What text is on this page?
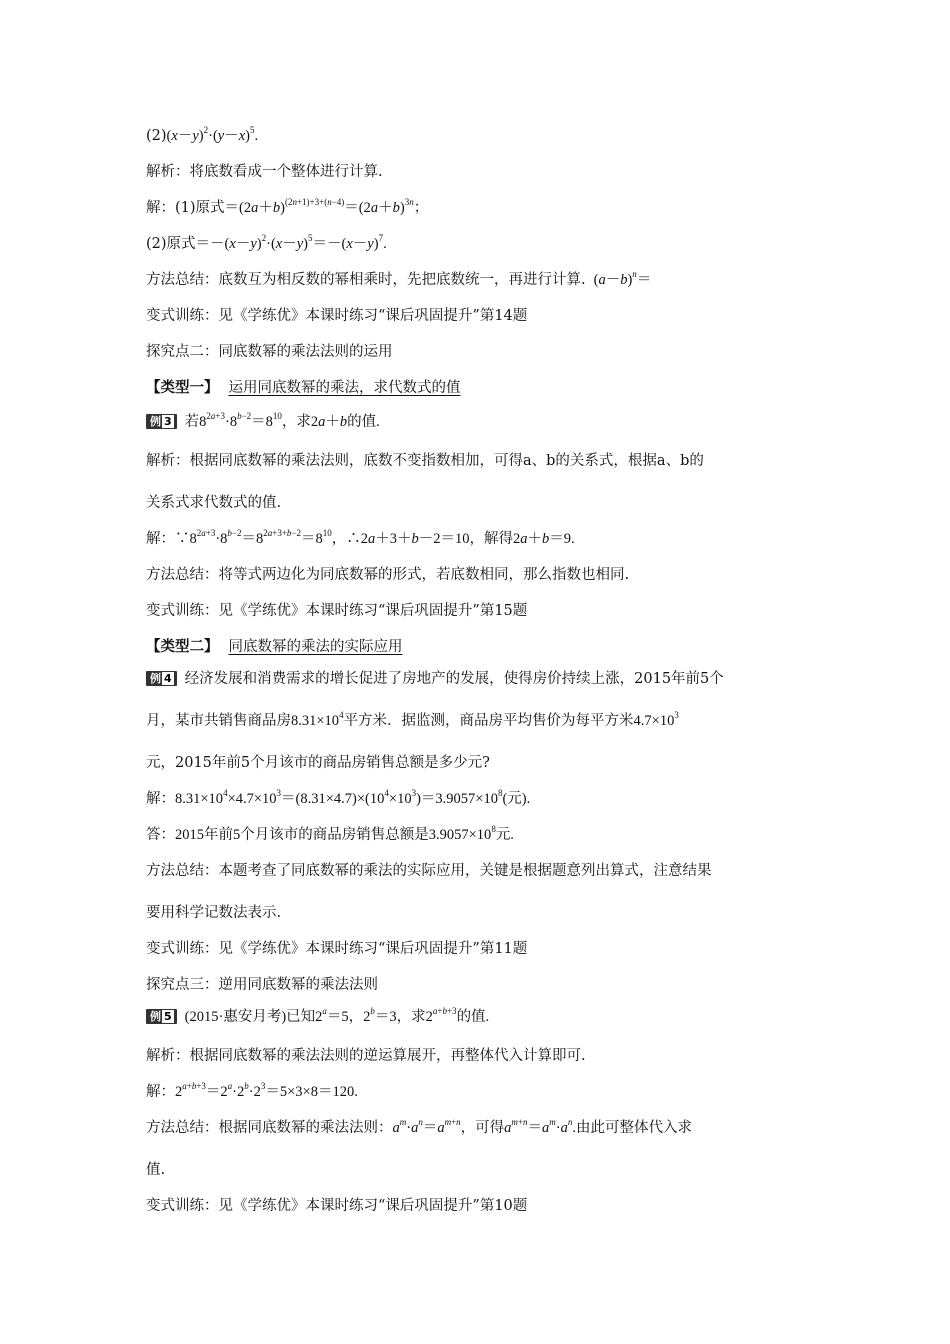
$(2)(x-y)^2\cdot(y-x)^5$.
解析：将底数看成一个整体进行计算.
解：(1)原式$=(2a+b)^{(2n+1)+3+(n-4)}=(2a+b)^{3n}$；
(2)原式$=-(x-y)^2\cdot(x-y)^5=-(x-y)^7$.
方法总结：底数互为相反数的幂相乘时，先把底数统一，再进行计算. $(a-b)^n=$
变式训练：见《学练优》本课时练习“课后巩固提升”第14题
探究点二：同底数幂的乘法法则的运用
【类型一】 运用同底数幂的乘法，求代数式的值
例 3 若$8^{2a+3}\cdot 8^{b-2}=8^{10}$，求2a＋b的值.
解析：根据同底数幂的乘法法则，底数不变指数相加，可得a、b的关系式，根据a、b的
关系式求代数式的值.
解：$\because 8^{2a+3}\cdot 8^{b-2}=8^{2a+3+b-2}=8^{10}$，∴2a＋3＋b－2＝10，解得2a＋b＝9.
方法总结：将等式两边化为同底数幂的形式，若底数相同，那么指数也相同.
变式训练：见《学练优》本课时练习“课后巩固提升”第15题
【类型二】 同底数幂的乘法的实际应用
例 4 经济发展和消费需求的增长促进了房地产的发展，使得房价持续上涨，2015年前5个
月，某市共销售商品房$8.31\times 10^4$平方米．据监测，商品房平均售价为每平方米$4.7\times 10^3$
元，2015年前5个月该市的商品房销售总额是多少元?
解：$8.31\times 10^4\times 4.7\times 10^3=(8.31\times 4.7)\times(10^4\times 10^3)=3.9057\times 10^8$(元).
答：2015年前5个月该市的商品房销售总额是$3.9057\times 10^8$元.
方法总结：本题考查了同底数幂的乘法的实际应用，关键是根据题意列出算式，注意结果
要用科学记数法表示.
变式训练：见《学练优》本课时练习“课后巩固提升”第11题
探究点三：逆用同底数幂的乘法法则
例 5 (2015·惠安月考)已知$2^a=5$，$2^b=3$，求$2^{a+b+3}$的值.
解析：根据同底数幂的乘法法则的逆运算展开，再整体代入计算即可.
解：$2^{a+b+3}=2^a\cdot 2^b\cdot 2^3=5\times 3\times 8=120$.
方法总结：根据同底数幂的乘法法则：$a^m\cdot a^n=a^{m+n}$，可得$a^{m+n}=a^m\cdot a^n$.由此可整体代入求
值.
变式训练：见《学练优》本课时练习“课后巩固提升”第10题
